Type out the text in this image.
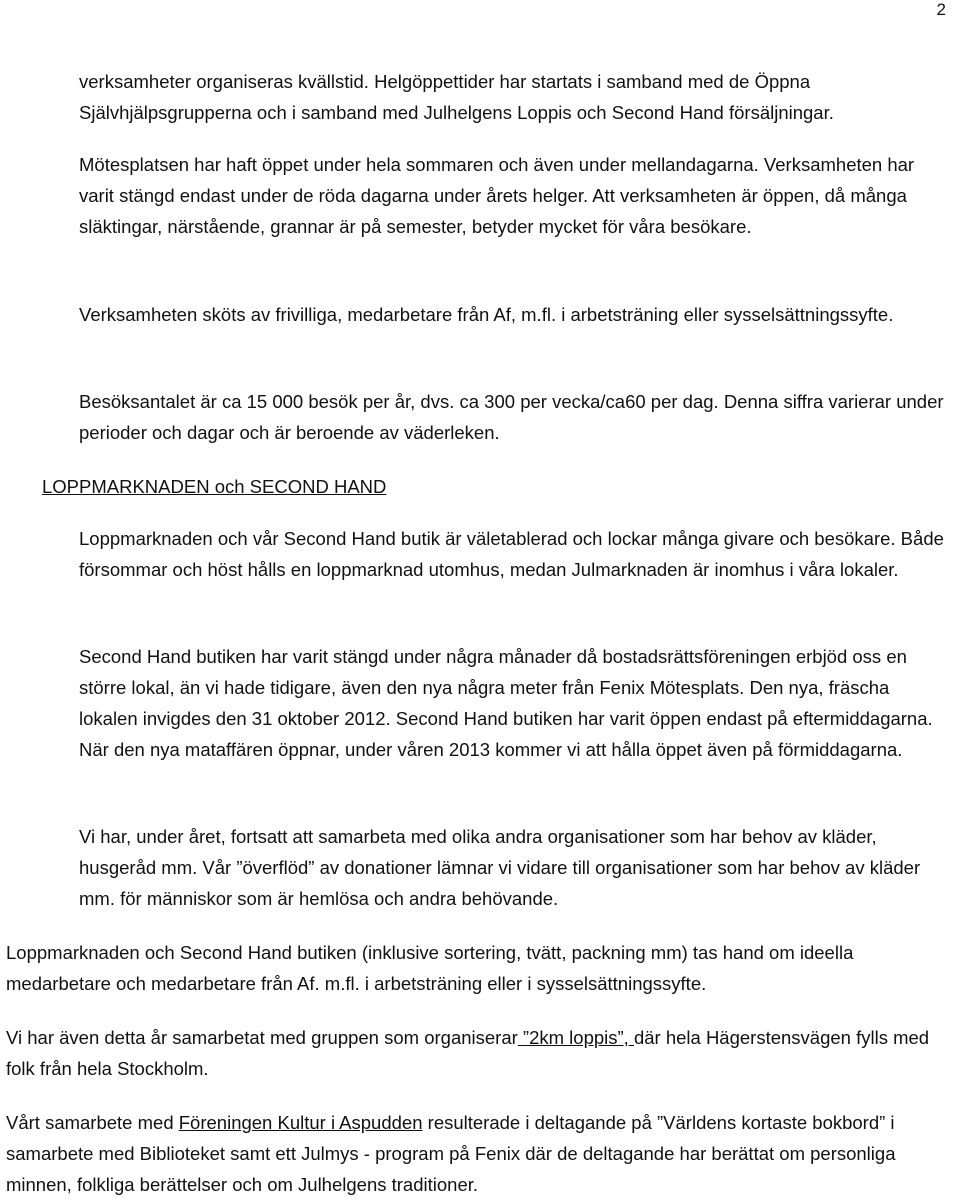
2

verksamheter organiseras kvällstid. Helgöppettider har startats i samband med de Öppna Självhjälpsgrupperna och i samband med Julhelgens Loppis och Second Hand försäljningar.

Mötesplatsen har haft öppet under hela sommaren och även under mellandagarna. Verksamheten har varit stängd endast under de röda dagarna under årets helger. Att verksamheten är öppen, då många släktingar, närstående, grannar är på semester, betyder mycket för våra besökare.

Verksamheten sköts av frivilliga, medarbetare från Af, m.fl. i arbetsträning eller sysselsättningssyfte.

Besöksantalet är ca 15 000 besök per år, dvs. ca 300 per vecka/ca60 per dag. Denna siffra varierar under perioder och dagar och är beroende av väderleken.

LOPPMARKNADEN och SECOND HAND

Loppmarknaden och vår Second Hand butik är väletablerad och lockar många givare och besökare. Både försommar och höst hålls en loppmarknad utomhus, medan Julmarknaden är inomhus i våra lokaler.

Second Hand butiken har varit stängd under några månader då bostadsrättsföreningen erbjöd oss en större lokal, än vi hade tidigare, även den nya några meter från Fenix Mötesplats. Den nya, fräscha lokalen invigdes den 31 oktober 2012. Second Hand butiken har varit öppen endast på eftermiddagarna. När den nya mataffären öppnar, under våren 2013 kommer vi att hålla öppet även på förmiddagarna.

Vi har, under året, fortsatt att samarbeta med olika andra organisationer som har behov av kläder, husgeråd mm. Vår ”överflöd” av donationer lämnar vi vidare till organisationer som har behov av kläder mm. för människor som är hemlösa och andra behövande.

Loppmarknaden och Second Hand butiken (inklusive sortering, tvätt, packning mm) tas hand om ideella medarbetare och medarbetare från Af. m.fl. i arbetsträning eller i sysselsättningssyfte.

Vi har även detta år samarbetat med gruppen som organiserar ”2km loppis”, där hela Hägerstensvägen fylls med folk från hela Stockholm.

Vårt samarbete med Föreningen Kultur i Aspudden resulterade i deltagande på ”Världens kortaste bokbord” i samarbete med Biblioteket samt ett Julmys - program på Fenix där de deltagande har berättat om personliga minnen, folkliga berättelser och om Julhelgens traditioner.
